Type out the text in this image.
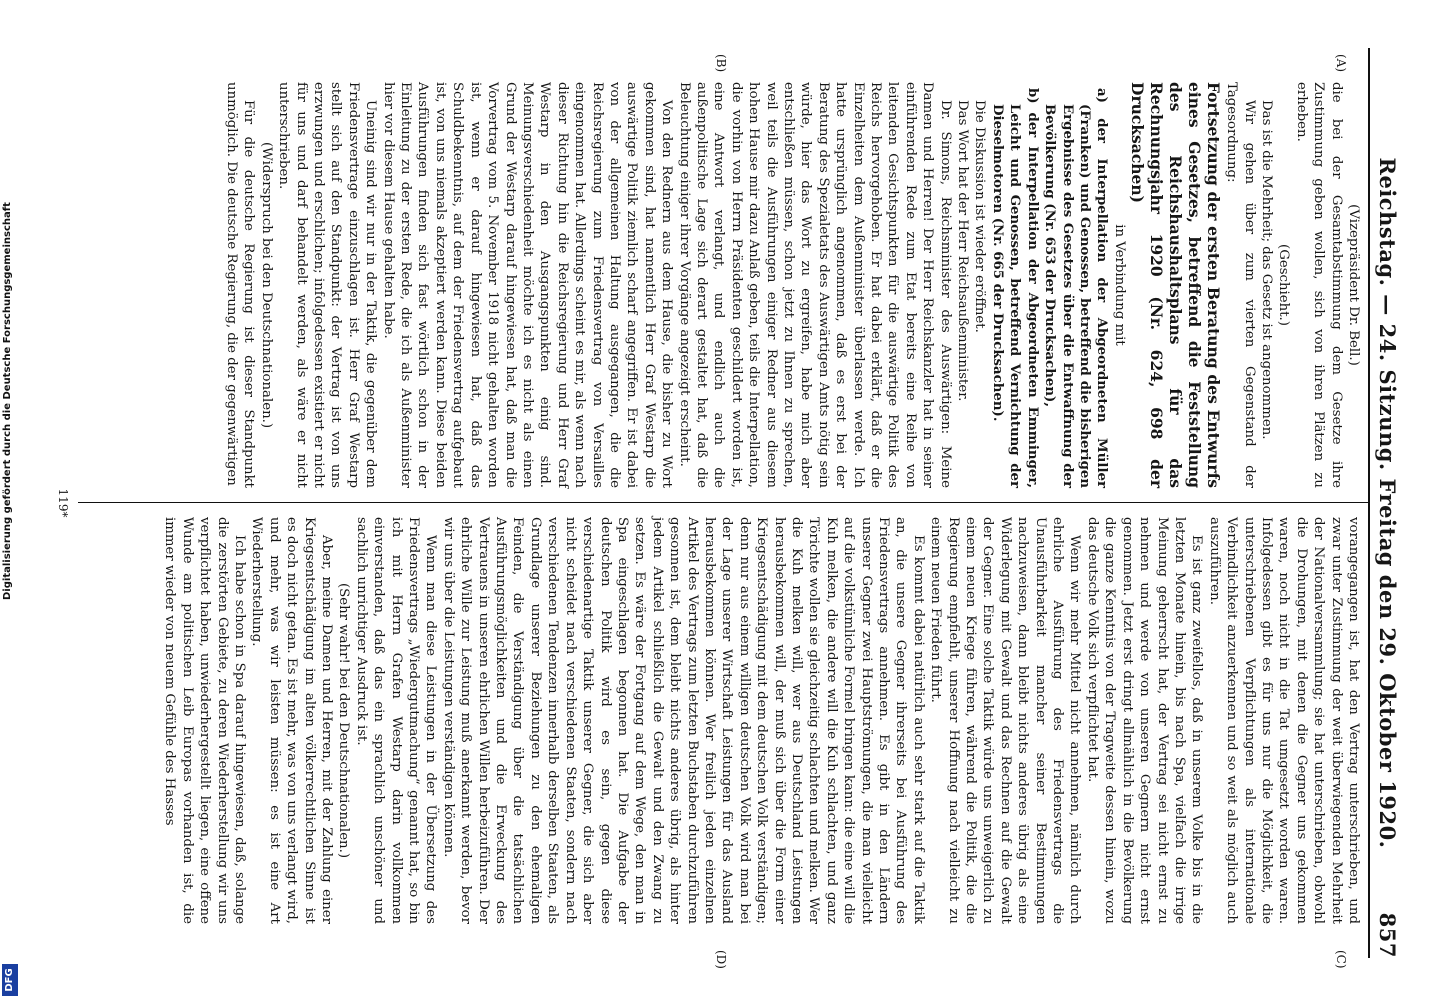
Reichstag. — 24. Sitzung. Freitag den 29. Oktober 1920.
857
(A)
(B)
(C)
(D)

(Vizepräsident Dr. Bell.)

die bei der Gesamtabstimmung dem Gesetze ihre Zustimmung geben wollen, sich von ihren Plätzen zu erheben.

(Geschieht.)

Das ist die Mehrheit; das Gesetz ist angenommen.

Wir gehen über zum vierten Gegenstand der Tagesordnung:

Fortsetzung der ersten Beratung des Entwurfs eines Gesetzes, betreffend die Feststellung des Reichshaushaltsplans für das Rechnungsjahr 1920 (Nr. 624, 698 der Drucksachen)

in Verbindung mit

a) der Interpellation der Abgeordneten Müller (Franken) und Genossen, betreffend die bisherigen Ergebnisse des Gesetzes über die Entwaffnung der Bevölkerung (Nr. 653 der Drucksachen),

b) der Interpellation der Abgeordneten Emminger, Leicht und Genossen, betreffend Vernichtung der Dieselmotoren (Nr. 665 der Drucksachen).

Die Diskussion ist wieder eröffnet.

Das Wort hat der Herr Reichsaußenminister.

Dr. Simons, Reichsminister des Auswärtigen: Meine Damen und Herren! Der Herr Reichskanzler hat in seiner einführenden Rede zum Etat bereits eine Reihe von leitenden Gesichtspunkten für die auswärtige Politik des Reichs hervorgehoben. Er hat dabei erklärt, daß er die Einzelheiten dem Außenminister überlassen werde. Ich hatte ursprünglich angenommen, daß es erst bei der Beratung des Spezialetats des Auswärtigen Amts nötig sein würde, hier das Wort zu ergreifen, habe mich aber entschließen müssen, schon jetzt zu Ihnen zu sprechen, weil teils die Ausführungen einiger Redner aus diesem hohen Hause mir dazu Anlaß geben, teils die Interpellation, die vorhin von Herrn Präsidenten geschildert worden ist, eine Antwort verlangt, und endlich auch die außenpolitische Lage sich derart gestaltet hat, daß die Beleuchtung einiger ihrer Vorgänge angezeigt erscheint.

Von den Rednern aus dem Hause, die bisher zu Wort gekommen sind, hat namentlich Herr Graf Westarp die auswärtige Politik ziemlich scharf angegriffen. Er ist dabei von der allgemeinen Haltung ausgegangen, die die Reichsregierung zum Friedensvertrag von Versailles eingenommen hat. Allerdings scheint es mir, als wenn nach dieser Richtung hin die Reichsregierung und Herr Graf Westarp in den Ausgangspunkten einig sind. Meinungsverschiedenheit möchte ich es nicht als einen Grund der Westarp darauf hingewiesen hat, daß man die Vorvertrag vom 5. November 1918 nicht gehalten worden ist, wenn er darauf hingewiesen hat, daß das Schuldbekenntnis, auf dem der Friedensvertrag aufgebaut ist, von uns niemals akzeptiert werden kann. Diese beiden Ausführungen finden sich fast wörtlich schon in der Einleitung zu der ersten Rede, die ich als Außenminister hier vor diesem Hause gehalten habe.

Uneinig sind wir nur in der Taktik, die gegenüber dem Friedensvertrage einzuschlagen ist. Herr Graf Westarp stellt sich auf den Standpunkt: der Vertrag ist von uns erzwungen und erschlichen; infolgedessen existiert er nicht für uns und darf behandelt werden, als wäre er nicht unterschrieben.

(Widerspruch bei den Deutschnationalen.)

Für die deutsche Regierung ist dieser Standpunkt unmöglich. Die deutsche Regierung, die der gegenwärtigen

vorangegangen ist, hat den Vertrag unterschrieben, und zwar unter Zustimmung der weit überwiegenden Mehrheit der Nationalversammlung; sie hat unterschrieben, obwohl die Drohungen, mit denen die Gegner uns gekommen waren, noch nicht in die Tat umgesetzt worden waren. Infolgedessen gibt es für uns nur die Möglichkeit, die unterschriebenen Verpflichtungen als internationale Verbindlichkeit anzuerkennen und so weit als möglich auch auszuführen.

Es ist ganz zweifellos, daß in unserem Volke bis in die letzten Monate hinein, bis nach Spa, vielfach die irrige Meinung geherrscht hat, der Vertrag sei nicht ernst zu nehmen und werde von unseren Gegnern nicht ernst genommen. Jetzt erst dringt allmählich in die Bevölkerung die ganze Kenntnis von der Tragweite dessen hinein, wozu das deutsche Volk sich verpflichtet hat.

Wenn wir mehr Mittel nicht annehmen, nämlich durch ehrliche Ausführung des Friedensvertrags die Unausführbarkeit mancher seiner Bestimmungen nachzuweisen, dann bleibt nichts anderes übrig als eine Widerlegung mit Gewalt und das Rechnen auf die Gewalt der Gegner. Eine solche Taktik würde uns unweigerlich zu einem neuen Kriege führen, während die Politik, die die Regierung empfiehlt, unserer Hoffnung nach vielleicht zu einem neuen Frieden führt.

Es kommt dabei natürlich auch sehr stark auf die Taktik an, die unsere Gegner ihrerseits bei Ausführung des Friedensvertrags annehmen. Es gibt in den Ländern unserer Gegner zwei Hauptströmungen, die man vielleicht auf die volkstümliche Formel bringen kann: die eine will die Kuh melken, die andere will die Kuh schlachten, und ganz Törichte wollen sie gleichzeitig schlachten und melken. Wer die Kuh melken will, wer aus Deutschland Leistungen herausbekommen will, der muß sich über die Form einer Kriegsentschädigung mit dem deutschen Volk verständigen; denn nur aus einem willigen deutschen Volk wird man bei der Lage unserer Wirtschaft Leistungen für das Ausland herausbekommen können. Wer freilich jeden einzelnen Artikel des Vertrags zum letzten Buchstaben durchzuführen gesonnen ist, dem bleibt nichts anderes übrig, als hinter jedem Artikel schließlich die Gewalt und den Zwang zu setzen. Es wäre der Fortgang auf dem Wege, den man in Spa eingeschlagen begonnen hat. Die Aufgabe der deutschen Politik wird es sein, gegen diese verschiedenartige Taktik unserer Gegner, die sich aber nicht scheidet nach verschiedenen Staaten, sondern nach verschiedenen Tendenzen innerhalb derselben Staaten, als Grundlage unserer Beziehungen zu den ehemaligen Feinden, die Verständigung über die tatsächlichen Ausführungsmöglichkeiten und die Erweckung des Vertrauens in unseren ehrlichen Willen herbeizuführen. Der ehrliche Wille zur Leistung muß anerkannt werden, bevor wir uns über die Leistungen verständigen können.

Wenn man diese Leistungen in der Übersetzung des Friedensvertrags „Wiedergutmachung“ genannt hat, so bin ich mit Herrn Grafen Westarp darin vollkommen einverstanden, daß das ein sprachlich unschöner und sachlich unrichtiger Ausdruck ist.

(Sehr wahr! bei den Deutschnationalen.)

Aber, meine Damen und Herren, mit der Zahlung einer Kriegsentschädigung im alten völkerrechtlichen Sinne ist es doch nicht getan. Es ist mehr, was von uns verlangt wird, und mehr, was wir leisten müssen: es ist eine Art Wiederherstellung.

Ich habe schon in Spa darauf hingewiesen, daß, solange die zerstörten Gebiete, zu deren Wiederherstellung wir uns verpflichtet haben, unwiederhergestellt liegen, eine offene Wunde am politischen Leib Europas vorhanden ist, die immer wieder von neuem Gefühle des Hasses

119*
Digitalisierung gefördert durch die Deutsche Forschungsgemeinschaft
DFG
